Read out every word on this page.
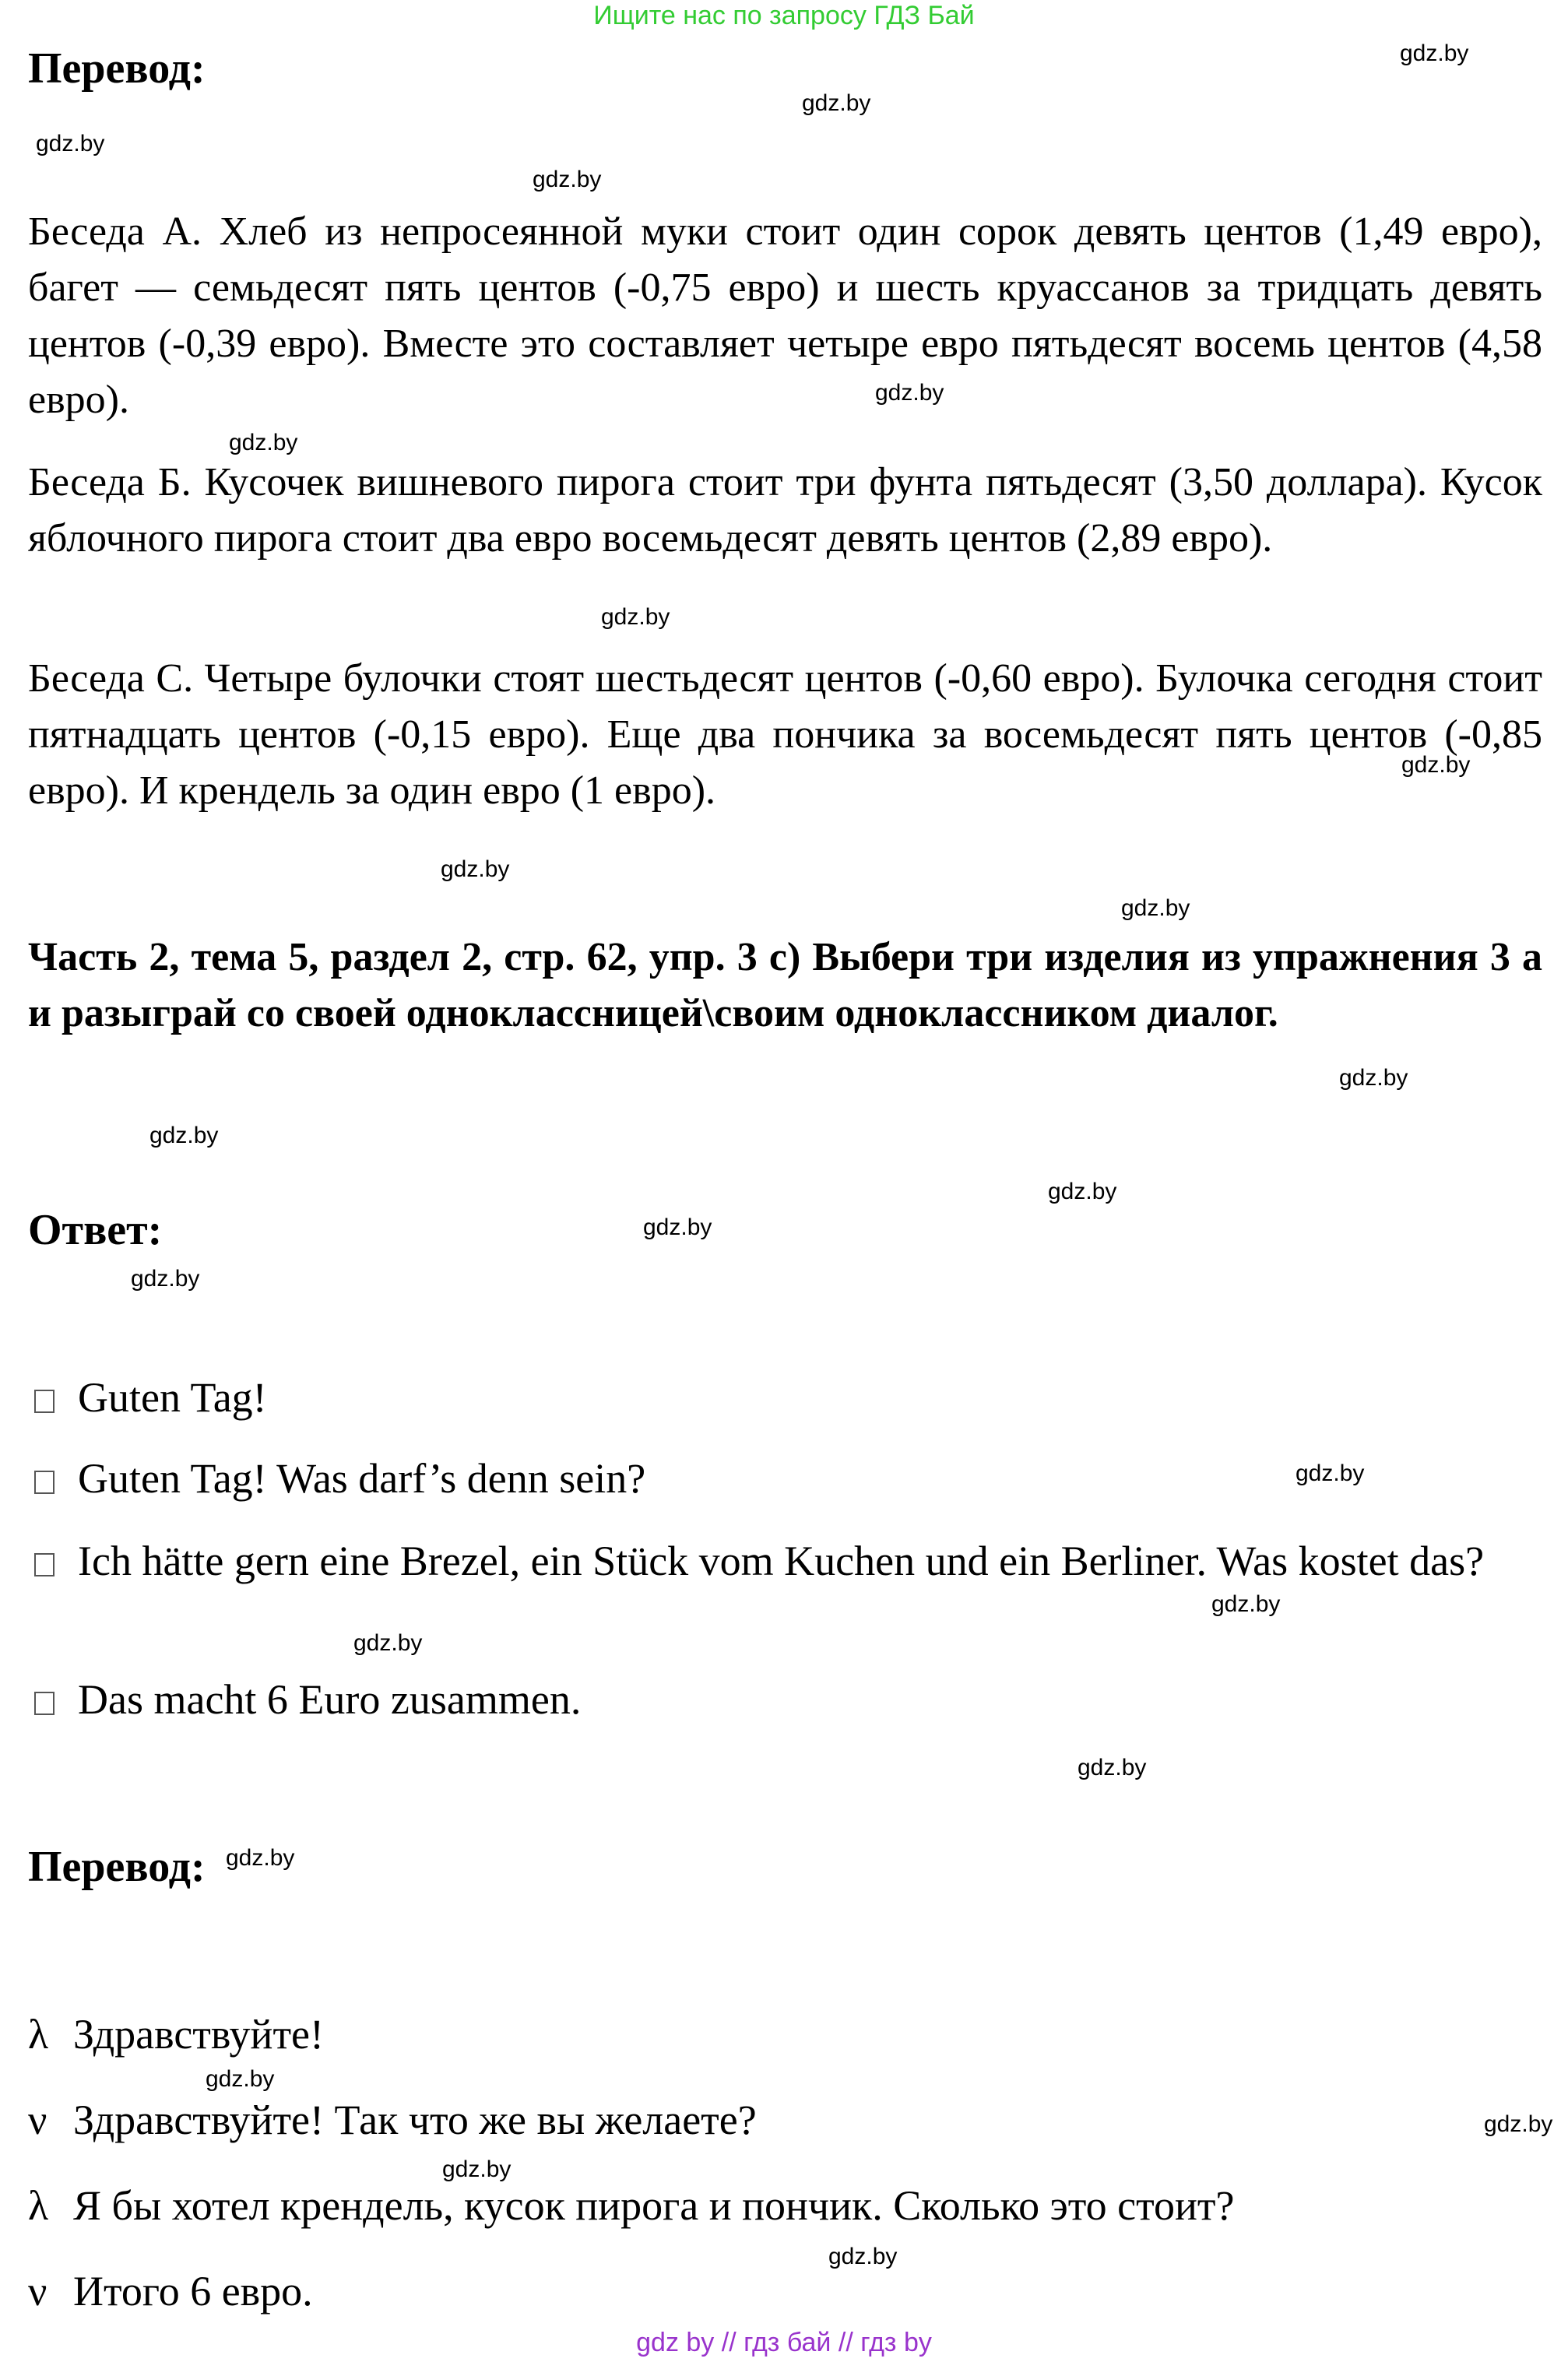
Ищите нас по запросу ГДЗ Бай
Перевод:
Беседа А. Хлеб из непросеянной муки стоит один сорок девять центов (1,49 евро), багет — семьдесят пять центов (-0,75 евро) и шесть круассанов за тридцать девять центов (-0,39 евро). Вместе это составляет четыре евро пятьдесят восемь центов (4,58 евро).
Беседа Б. Кусочек вишневого пирога стоит три фунта пятьдесят (3,50 доллара). Кусок яблочного пирога стоит два евро восемьдесят девять центов (2,89 евро).
Беседа С. Четыре булочки стоят шестьдесят центов (-0,60 евро). Булочка сегодня стоит пятнадцать центов (-0,15 евро). Еще два пончика за восемьдесят пять центов (-0,85 евро). И крендель за один евро (1 евро).
Часть 2, тема 5, раздел 2, стр. 62, упр. 3 с) Выбери три изделия из упражнения 3 а и разыграй со своей одноклассницей\своим одноклассником диалог.
Ответ:
Guten Tag!
Guten Tag! Was darf’s denn sein?
Ich hätte gern eine Brezel, ein Stück vom Kuchen und ein Berliner. Was kostet das?
Das macht 6 Euro zusammen.
Перевод:
λ Здравствуйте!
ν Здравствуйте! Так что же вы желаете?
λ Я бы хотел крендель, кусок пирога и пончик. Сколько это стоит?
ν Итого 6 евро.
gdz.by
gdz.by
gdz.by
gdz.by
gdz.by
gdz.by
gdz.by
gdz.by
gdz.by
gdz.by
gdz.by
gdz.by
gdz.by
gdz.by
gdz.by
gdz.by
gdz.by
gdz.by
gdz.by
gdz.by
gdz.by
gdz.by
gdz.by
gdz.by
gdz by // гдз бай // гдз by
